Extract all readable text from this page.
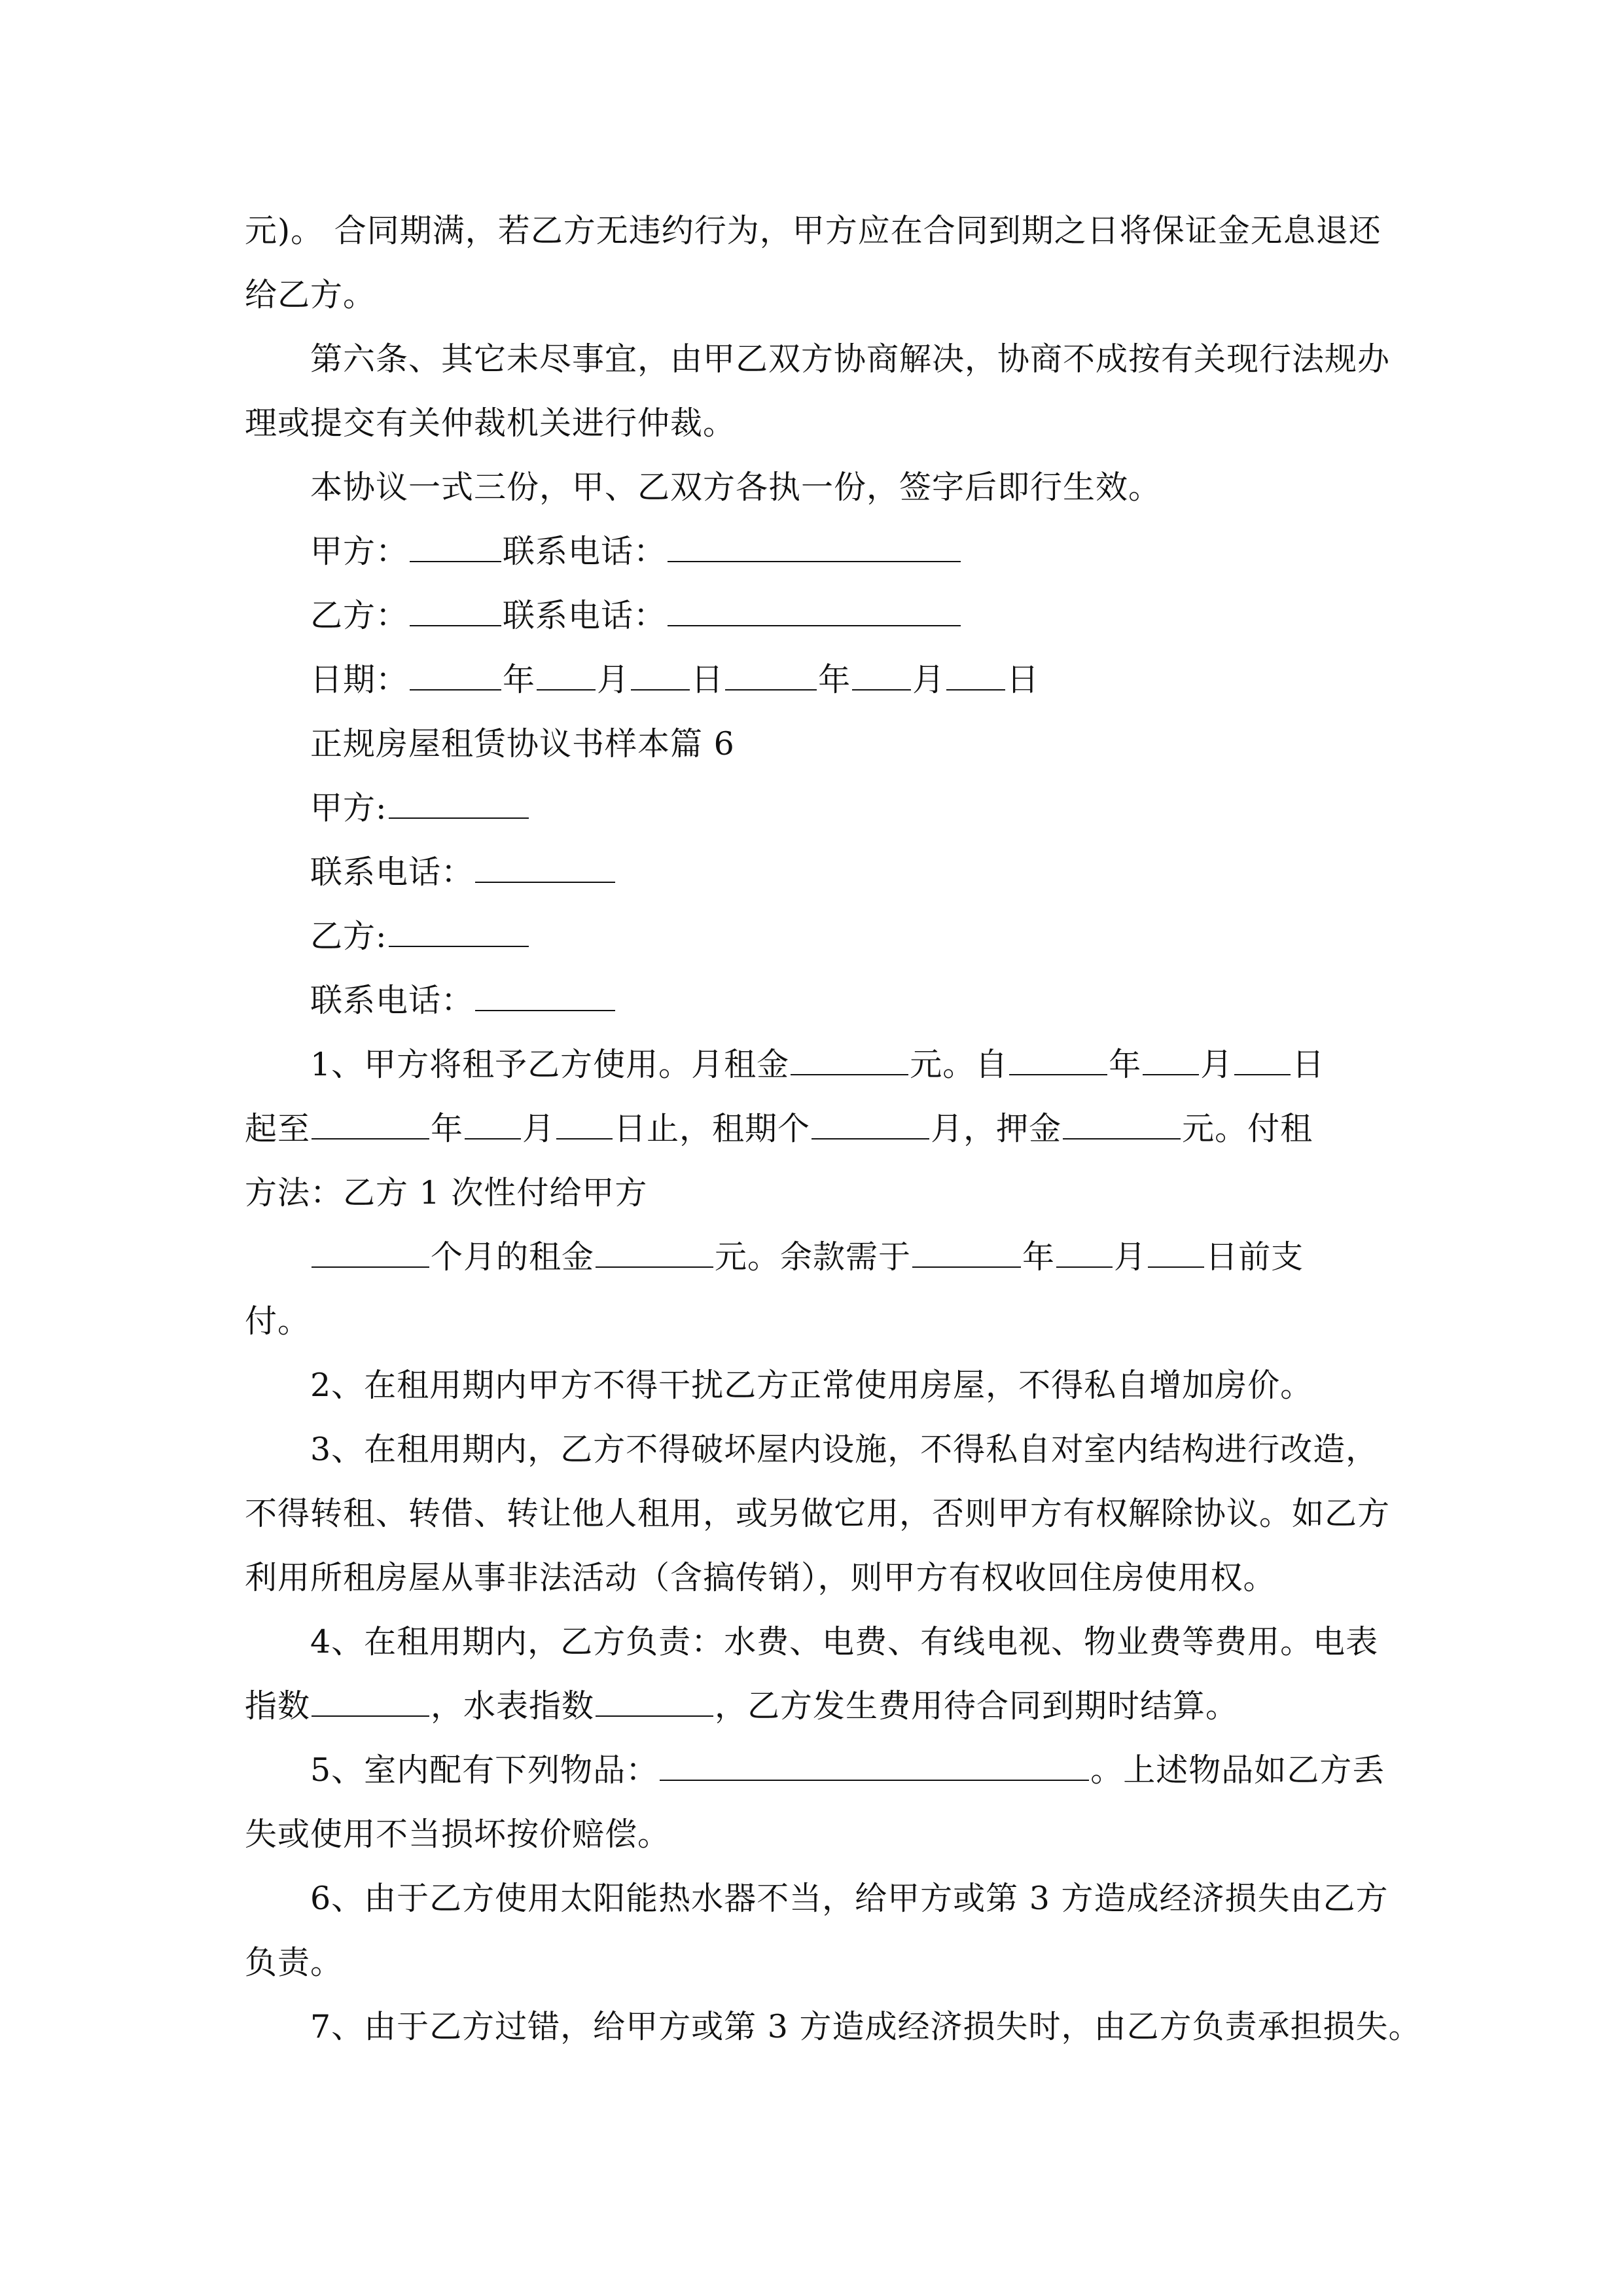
元)。 合同期满，若乙方无违约行为，甲方应在合同到期之日将保证金无息退还
给乙方。
第六条、其它未尽事宜，由甲乙双方协商解决，协商不成按有关现行法规办
理或提交有关仲裁机关进行仲裁。
本协议一式三份，甲、乙双方各执一份，签字后即行生效。
甲方：	联系电话：
乙方：	联系电话：
日期：	年 月 日	年 月 日
正规房屋租赁协议书样本篇 6
甲方:
联系电话：
乙方:
联系电话：
1、甲方将租予乙方使用。月租金	元。自	年 月 日
起至	年 月 日止，租期个	月，押金	元。付租
方法：乙方 1 次性付给甲方
个月的租金	元。余款需于	年 月 日前支
付。
2、在租用期内甲方不得干扰乙方正常使用房屋，不得私自增加房价。
3、在租用期内，乙方不得破坏屋内设施，不得私自对室内结构进行改造，
不得转租、转借、转让他人租用，或另做它用，否则甲方有权解除协议。如乙方
利用所租房屋从事非法活动（含搞传销），则甲方有权收回住房使用权。
4、在租用期内，乙方负责：水费、电费、有线电视、物业费等费用。电表
指数	，水表指数	，乙方发生费用待合同到期时结算。
5、室内配有下列物品：	。上述物品如乙方丢
失或使用不当损坏按价赔偿。
6、由于乙方使用太阳能热水器不当，给甲方或第 3 方造成经济损失由乙方
负责。
7、由于乙方过错，给甲方或第 3 方造成经济损失时，由乙方负责承担损失。
